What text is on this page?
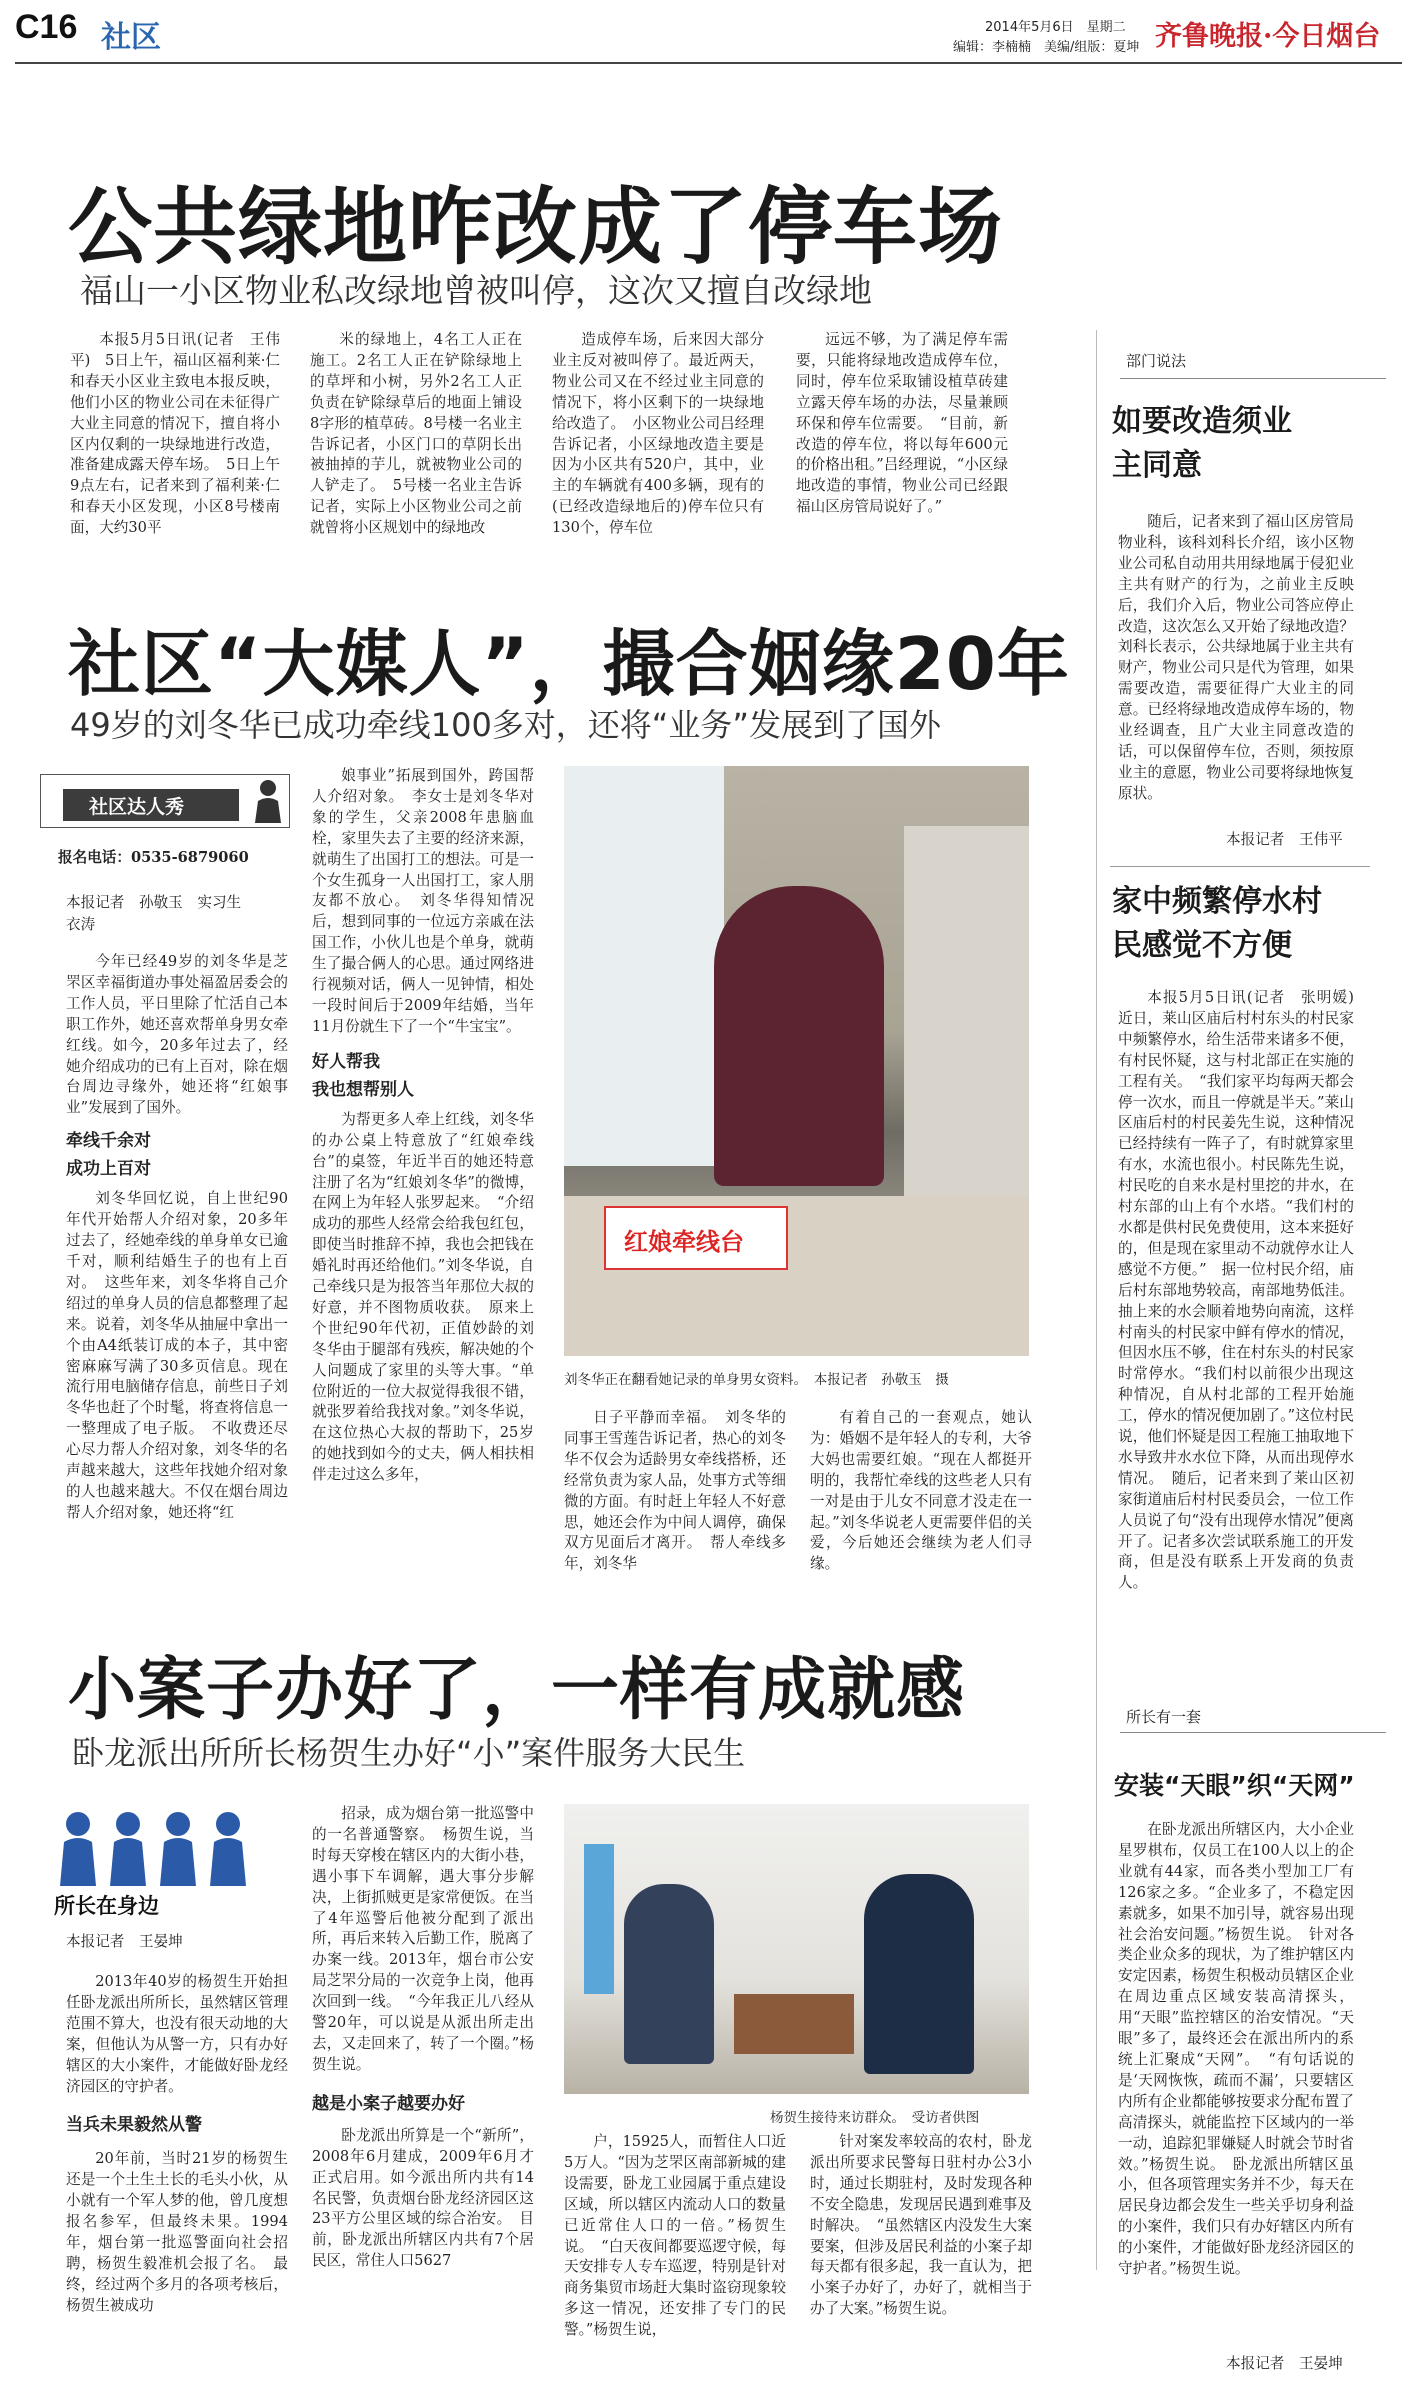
C16 社区	2014年5月6日　星期二
编辑：李楠楠　美编/组版：夏坤 齐鲁晚报·今日烟台
公共绿地咋改成了停车场
福山一小区物业私改绿地曾被叫停，这次又擅自改绿地

本报5月5日讯(记者　王伟平)　5日上午，福山区福利莱·仁和春天小区业主致电本报反映，他们小区的物业公司在未征得广大业主同意的情况下，擅自将小区内仅剩的一块绿地进行改造，准备建成露天停车场。　5日上午9点左右，记者来到了福利莱·仁和春天小区发现，小区8号楼南面，大约30平

米的绿地上，4名工人正在施工。2名工人正在铲除绿地上的草坪和小树，另外2名工人正负责在铲除绿草后的地面上铺设8字形的植草砖。8号楼一名业主告诉记者，小区门口的草阴长出被抽掉的芋儿，就被物业公司的人铲走了。　5号楼一名业主告诉记者，实际上小区物业公司之前就曾将小区规划中的绿地改

造成停车场，后来因大部分业主反对被叫停了。最近两天，物业公司又在不经过业主同意的情况下，将小区剩下的一块绿地给改造了。　小区物业公司吕经理告诉记者，小区绿地改造主要是因为小区共有520户，其中，业主的车辆就有400多辆，现有的(已经改造绿地后的)停车位只有130个，停车位

远远不够，为了满足停车需要，只能将绿地改造成停车位，同时，停车位采取铺设植草砖建立露天停车场的办法，尽量兼顾环保和停车位需要。　“目前，新改造的停车位，将以每年600元的价格出租。”吕经理说，“小区绿地改造的事情，物业公司已经跟福山区房管局说好了。”

部门说法
如要改造须业主同意

随后，记者来到了福山区房管局物业科，该科刘科长介绍，该小区物业公司私自动用共用绿地属于侵犯业主共有财产的行为，之前业主反映后，我们介入后，物业公司答应停止改造，这次怎么又开始了绿地改造？　刘科长表示，公共绿地属于业主共有财产，物业公司只是代为管理，如果需要改造，需要征得广大业主的同意。已经将绿地改造成停车场的，物业经调查，且广大业主同意改造的话，可以保留停车位，否则，须按原业主的意愿，物业公司要将绿地恢复原状。

本报记者　王伟平
社区“大媒人”，撮合姻缘20年
49岁的刘冬华已成功牵线100多对，还将“业务”发展到了国外
社区达人秀
报名电话：0535-6879060
本报记者　孙敬玉　实习生　衣涛

今年已经49岁的刘冬华是芝罘区幸福街道办事处福盈居委会的工作人员，平日里除了忙活自己本职工作外，她还喜欢帮单身男女牵红线。如今，20多年过去了，经她介绍成功的已有上百对，除在烟台周边寻缘外，她还将“红娘事业”发展到了国外。

牵线千余对
成功上百对

刘冬华回忆说，自上世纪90年代开始帮人介绍对象，20多年过去了，经她牵线的单身单女已逾千对，顺利结婚生子的也有上百对。　这些年来，刘冬华将自己介绍过的单身人员的信息都整理了起来。说着，刘冬华从抽屉中拿出一个由A4纸装订成的本子，其中密密麻麻写满了30多页信息。现在流行用电脑储存信息，前些日子刘冬华也赶了个时髦，将查将信息一一整理成了电子版。　不收费还尽心尽力帮人介绍对象，刘冬华的名声越来越大，这些年找她介绍对象的人也越来越大。不仅在烟台周边帮人介绍对象，她还将“红

娘事业”拓展到国外，跨国帮人介绍对象。　李女士是刘冬华对象的学生，父亲2008年患脑血栓，家里失去了主要的经济来源，就萌生了出国打工的想法。可是一个女生孤身一人出国打工，家人朋友都不放心。　刘冬华得知情况后，想到同事的一位远方亲戚在法国工作，小伙儿也是个单身，就萌生了撮合俩人的心思。通过网络进行视频对话，俩人一见钟情，相处一段时间后于2009年结婚，当年11月份就生下了一个“牛宝宝”。

好人帮我
我也想帮别人

为帮更多人牵上红线，刘冬华的办公桌上特意放了“红娘牵线台”的桌签，年近半百的她还特意注册了名为“红娘刘冬华”的微博，在网上为年轻人张罗起来。　“介绍成功的那些人经常会给我包红包，即使当时推辞不掉，我也会把钱在婚礼时再还给他们。”刘冬华说，自己牵线只是为报答当年那位大叔的好意，并不图物质收获。　原来上个世纪90年代初，正值妙龄的刘冬华由于腿部有残疾，解决她的个人问题成了家里的头等大事。“单位附近的一位大叔觉得我很不错，就张罗着给我找对象。”刘冬华说，在这位热心大叔的帮助下，25岁的她找到如今的丈夫，俩人相扶相伴走过这么多年，

红娘牵线台
刘冬华正在翻看她记录的单身男女资料。　本报记者　孙敬玉　摄

日子平静而幸福。　刘冬华的同事王雪莲告诉记者，热心的刘冬华不仅会为适龄男女牵线搭桥，还经常负责为家人品，处事方式等细微的方面。有时赶上年轻人不好意思，她还会作为中间人调停，确保双方见面后才离开。　帮人牵线多年，刘冬华

有着自己的一套观点，她认为：婚姻不是年轻人的专利，大爷大妈也需要红娘。“现在人都挺开明的，我帮忙牵线的这些老人只有一对是由于儿女不同意才没走在一起。”刘冬华说老人更需要伴侣的关爱，今后她还会继续为老人们寻缘。

家中频繁停水村民感觉不方便

本报5月5日讯(记者　张明媛)　近日，莱山区庙后村村东头的村民家中频繁停水，给生活带来诸多不便，有村民怀疑，这与村北部正在实施的工程有关。　“我们家平均每两天都会停一次水，而且一停就是半天。”莱山区庙后村的村民姜先生说，这种情况已经持续有一阵子了，有时就算家里有水，水流也很小。村民陈先生说，村民吃的自来水是村里挖的井水，在村东部的山上有个水塔。“我们村的水都是供村民免费使用，这本来挺好的，但是现在家里动不动就停水让人感觉不方便。”　据一位村民介绍，庙后村东部地势较高，南部地势低洼。抽上来的水会顺着地势向南流，这样村南头的村民家中鲜有停水的情况，但因水压不够，住在村东头的村民家时常停水。“我们村以前很少出现这种情况，自从村北部的工程开始施工，停水的情况便加剧了。”这位村民说，他们怀疑是因工程施工抽取地下水导致井水水位下降，从而出现停水情况。　随后，记者来到了莱山区初家街道庙后村村民委员会，一位工作人员说了句“没有出现停水情况”便离开了。记者多次尝试联系施工的开发商，但是没有联系上开发商的负责人。

小案子办好了，一样有成就感
卧龙派出所所长杨贺生办好“小”案件服务大民生
所长在身边
本报记者　王晏坤

2013年40岁的杨贺生开始担任卧龙派出所所长，虽然辖区管理范围不算大，也没有很天动地的大案，但他认为从警一方，只有办好辖区的大小案件，才能做好卧龙经济园区的守护者。

当兵未果毅然从警

20年前，当时21岁的杨贺生还是一个土生土长的毛头小伙，从小就有一个军人梦的他，曾几度想报名参军，但最终未果。1994年，烟台第一批巡警面向社会招聘，杨贺生毅准机会报了名。　最终，经过两个多月的各项考核后，杨贺生被成功

招录，成为烟台第一批巡警中的一名普通警察。　杨贺生说，当时每天穿梭在辖区内的大街小巷，遇小事下车调解，遇大事分步解决，上街抓贼更是家常便饭。在当了4年巡警后他被分配到了派出所，再后来转入后勤工作，脱离了办案一线。2013年，烟台市公安局芝罘分局的一次竞争上岗，他再次回到一线。　“今年我正儿八经从警20年，可以说是从派出所走出去，又走回来了，转了一个圈。”杨贺生说。

越是小案子越要办好

卧龙派出所算是一个“新所”，2008年6月建成，2009年6月才正式启用。如今派出所内共有14名民警，负责烟台卧龙经济园区这23平方公里区域的综合治安。　目前，卧龙派出所辖区内共有7个居民区，常住人口5627

杨贺生接待来访群众。　受访者供图

户，15925人，而暂住人口近5万人。“因为芝罘区南部新城的建设需要，卧龙工业园属于重点建设区域，所以辖区内流动人口的数量已近常住人口的一倍。”杨贺生说。　“白天夜间都要巡逻守候，每天安排专人专车巡逻，特别是针对商务集贸市场赶大集时盗窃现象较多这一情况，还安排了专门的民警。”杨贺生说，

针对案发率较高的农村，卧龙派出所要求民警每日驻村办公3小时，通过长期驻村，及时发现各种不安全隐患，发现居民遇到难事及时解决。　“虽然辖区内没发生大案要案，但涉及居民利益的小案子却每天都有很多起，我一直认为，把小案子办好了，办好了，就相当于办了大案。”杨贺生说。

所长有一套
安装“天眼”织“天网”

在卧龙派出所辖区内，大小企业星罗棋布，仅员工在100人以上的企业就有44家，而各类小型加工厂有126家之多。“企业多了，不稳定因素就多，如果不加引导，就容易出现社会治安问题。”杨贺生说。　针对各类企业众多的现状，为了维护辖区内安定因素，杨贺生积极动员辖区企业在周边重点区域安装高清探头，用“天眼”监控辖区的治安情况。“天眼”多了，最终还会在派出所内的系统上汇聚成“天网”。　“有句话说的是‘天网恢恢，疏而不漏’，只要辖区内所有企业都能够按要求分配布置了高清探头，就能监控下区域内的一举一动，追踪犯罪嫌疑人时就会节时省效。”杨贺生说。　卧龙派出所辖区虽小，但各项管理实务并不少，每天在居民身边都会发生一些关乎切身利益的小案件，我们只有办好辖区内所有的小案件，才能做好卧龙经济园区的守护者。”杨贺生说。

本报记者　王晏坤
